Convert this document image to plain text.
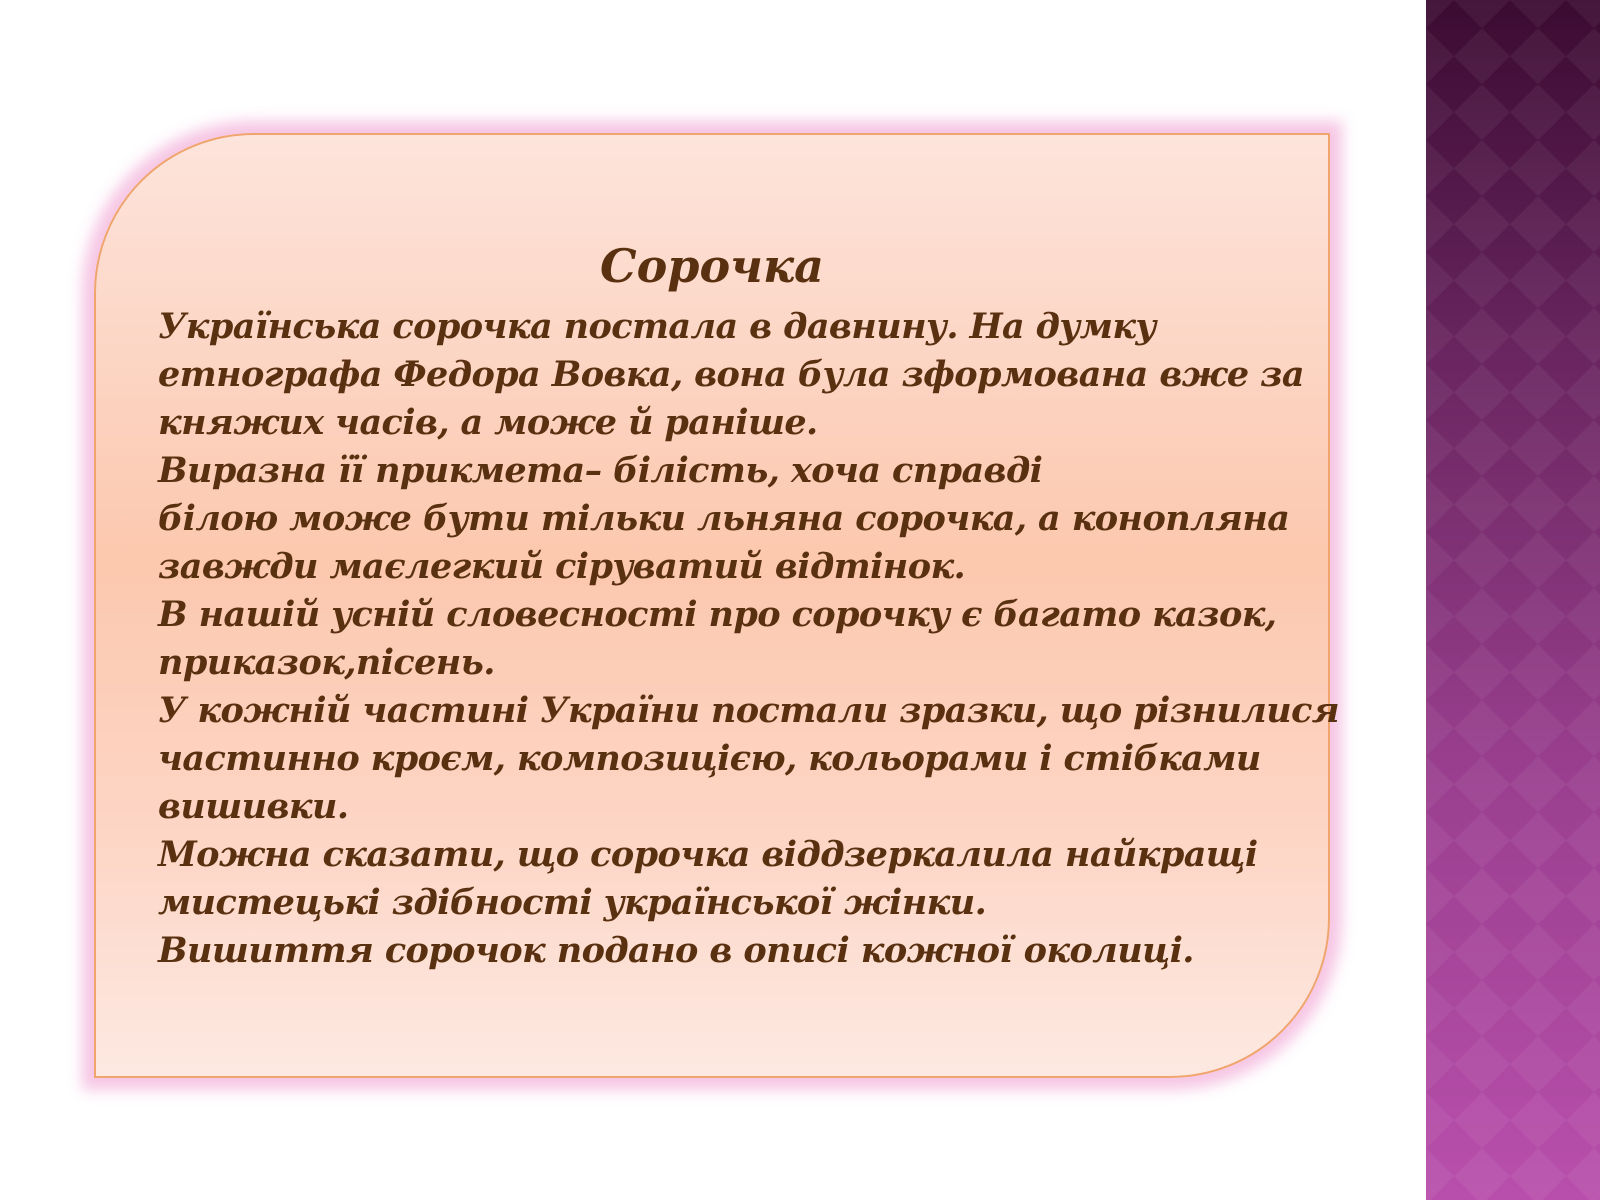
Сорочка
Українська сорочка постала в давнину. На думку
етнографа Федора Вовка, вона була зформована вже за
княжих часів, а може й раніше.
Виразна її прикмета– білість, хоча справді
білою може бути тільки льняна сорочка, а конопляна
завжди маєлегкий сіруватий відтінок.
В нашій усній словесності про сорочку є багато казок,
приказок,пісень.
У кожній частині України постали зразки, що різнилися
частинно кроєм, композицією, кольорами і стібками
вишивки.
Можна сказати, що сорочка віддзеркалила найкращі
мистецькі здібності української жінки.
Вишиття сорочок подано в описі кожної околиці.
